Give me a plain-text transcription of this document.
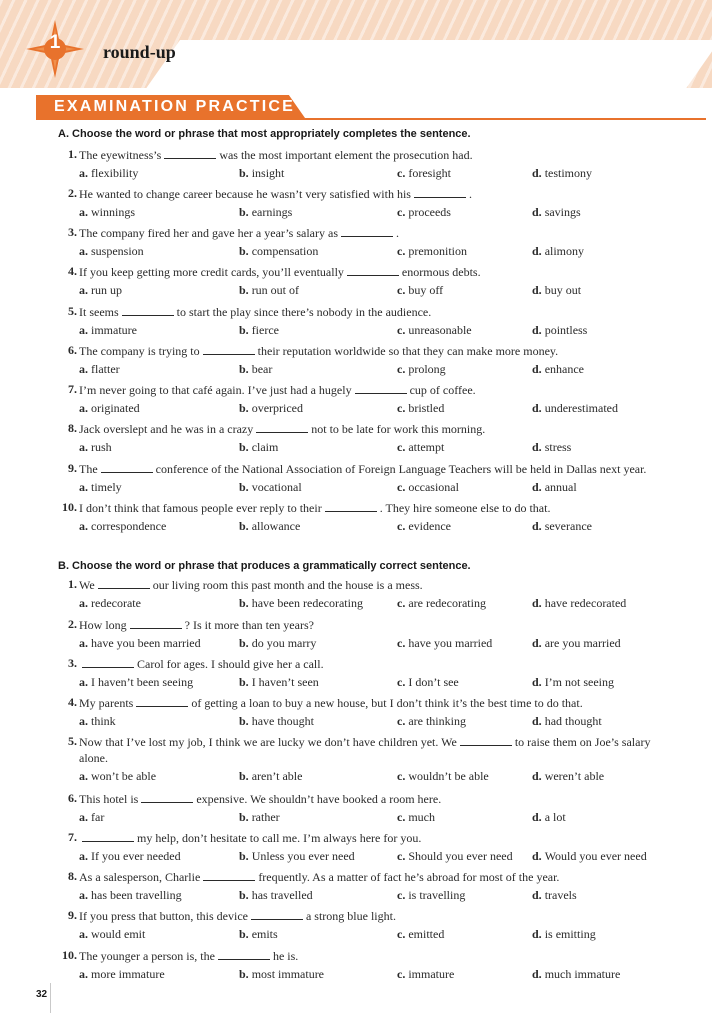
1	round-up
EXAMINATION PRACTICE
A. Choose the word or phrase that most appropriately completes the sentence.
1. The eyewitness’s	was the most important element the prosecution had.
a. flexibility	b. insight	c. foresight	d. testimony
2. He wanted to change career because he wasn’t very satisfied with his	.
a. winnings	b. earnings	c. proceeds	d. savings
3. The company fired her and gave her a year’s salary as	.
a. suspension	b. compensation	c. premonition	d. alimony
4. If you keep getting more credit cards, you’ll eventually	enormous debts.
a. run up	b. run out of	c. buy off	d. buy out
5. It seems	to start the play since there’s nobody in the audience.
a. immature	b. fierce	c. unreasonable	d. pointless
6. The company is trying to	their reputation worldwide so that they can make more money.
a. flatter	b. bear	c. prolong	d. enhance
7. I’m never going to that café again. I’ve just had a hugely	cup of coffee.
a. originated	b. overpriced	c. bristled	d. underestimated
8. Jack overslept and he was in a crazy	not to be late for work this morning.
a. rush	b. claim	c. attempt	d. stress
9. The	conference of the National Association of Foreign Language Teachers will be held in Dallas next year.
a. timely	b. vocational	c. occasional	d. annual
10. I don’t think that famous people ever reply to their	. They hire someone else to do that.
a. correspondence	b. allowance	c. evidence	d. severance
B. Choose the word or phrase that produces a grammatically correct sentence.
1. We	our living room this past month and the house is a mess.
a. redecorate	b. have been redecorating	c. are redecorating	d. have redecorated
2. How long	? Is it more than ten years?
a. have you been married	b. do you marry	c. have you married	d. are you married
3.	Carol for ages. I should give her a call.
a. I haven’t been seeing	b. I haven’t seen	c. I don’t see	d. I’m not seeing
4. My parents	of getting a loan to buy a new house, but I don’t think it’s the best time to do that.
a. think	b. have thought	c. are thinking	d. had thought
5. Now that I’ve lost my job, I think we are lucky we don’t have children yet. We	to raise them on Joe’s salary
alone.
a. won’t be able	b. aren’t able	c. wouldn’t be able	d. weren’t able
6. This hotel is	expensive. We shouldn’t have booked a room here.
a. far	b. rather	c. much	d. a lot
7.	my help, don’t hesitate to call me. I’m always here for you.
a. If you ever needed	b. Unless you ever need	c. Should you ever need d. Would you ever need
8. As a salesperson, Charlie	frequently. As a matter of fact he’s abroad for most of the year.
a. has been travelling	b. has travelled	c. is travelling	d. travels
9. If you press that button, this device	a strong blue light.
a. would emit	b. emits	c. emitted	d. is emitting
10. The younger a person is, the	he is.
a. more immature	b. most immature	c. immature	d. much immature
32
